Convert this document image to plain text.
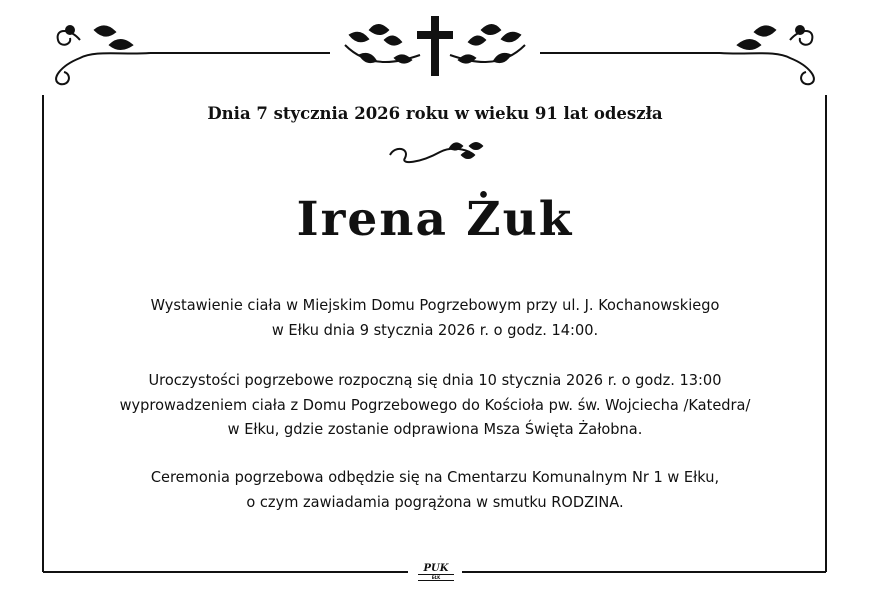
Dnia 7 stycznia 2026 roku w wieku 91 lat odeszła
Irena Żuk
Wystawienie ciała w Miejskim Domu Pogrzebowym przy ul. J. Kochanowskiego
w Ełku dnia 9 stycznia 2026 r. o godz. 14:00.
Uroczystości pogrzebowe rozpoczną się dnia 10 stycznia 2026 r. o godz. 13:00
wyprowadzeniem ciała z Domu Pogrzebowego do Kościoła pw. św. Wojciecha /Katedra/
w Ełku, gdzie zostanie odprawiona Msza Święta Żałobna.
Ceremonia pogrzebowa odbędzie się na Cmentarzu Komunalnym Nr 1 w Ełku,
o czym zawiadamia pogrążona w smutku RODZINA.
PUK
EŁK
